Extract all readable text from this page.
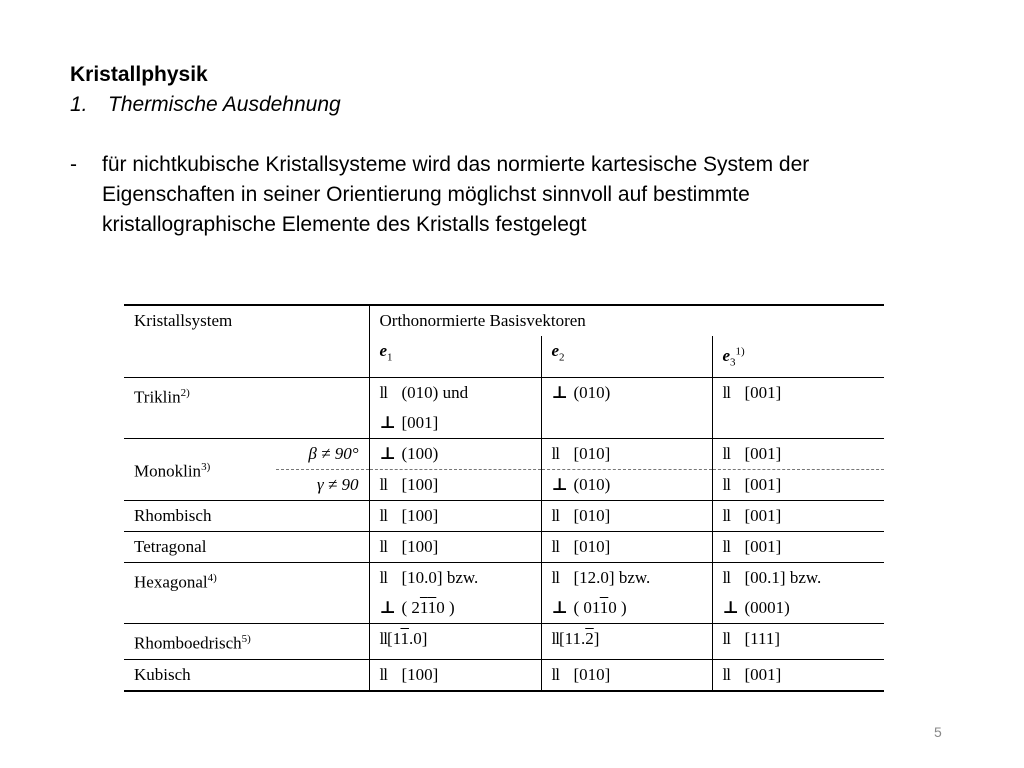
Kristallphysik
1. Thermische Ausdehnung
- für nichtkubische Kristallsysteme wird das normierte kartesische System der
Eigenschaften in seiner Orientierung möglichst sinnvoll auf bestimmte
kristallographische Elemente des Kristalls festgelegt
Kristallsystem		Orthonormierte Basisvektoren		
		$e_1$	$e_2$	$e_3^{1)}$
Triklin$^{2)}$		ll (010) und	⊥ (010)	ll [001]
		⊥ [001]		
Monoklin$^{3)}$	β ≠ 90°	⊥ (100)	ll [010]	ll [001]
	γ ≠ 90	ll [100]	⊥ (010)	ll [001]
Rhombisch		ll [100]	ll [010]	ll [001]
Tetragonal		ll [100]	ll [010]	ll [001]
Hexagonal$^{4)}$		ll [10.0] bzw.	ll [12.0] bzw.	ll [00.1] bzw.
		⊥ ( 2110 )	⊥ ( 0110 )	⊥ (0001)
Rhomboedrisch$^{5)}$		ll[11.0]	ll[11.2]	ll [111]
Kubisch		ll [100]	ll [010]	ll [001]
5
